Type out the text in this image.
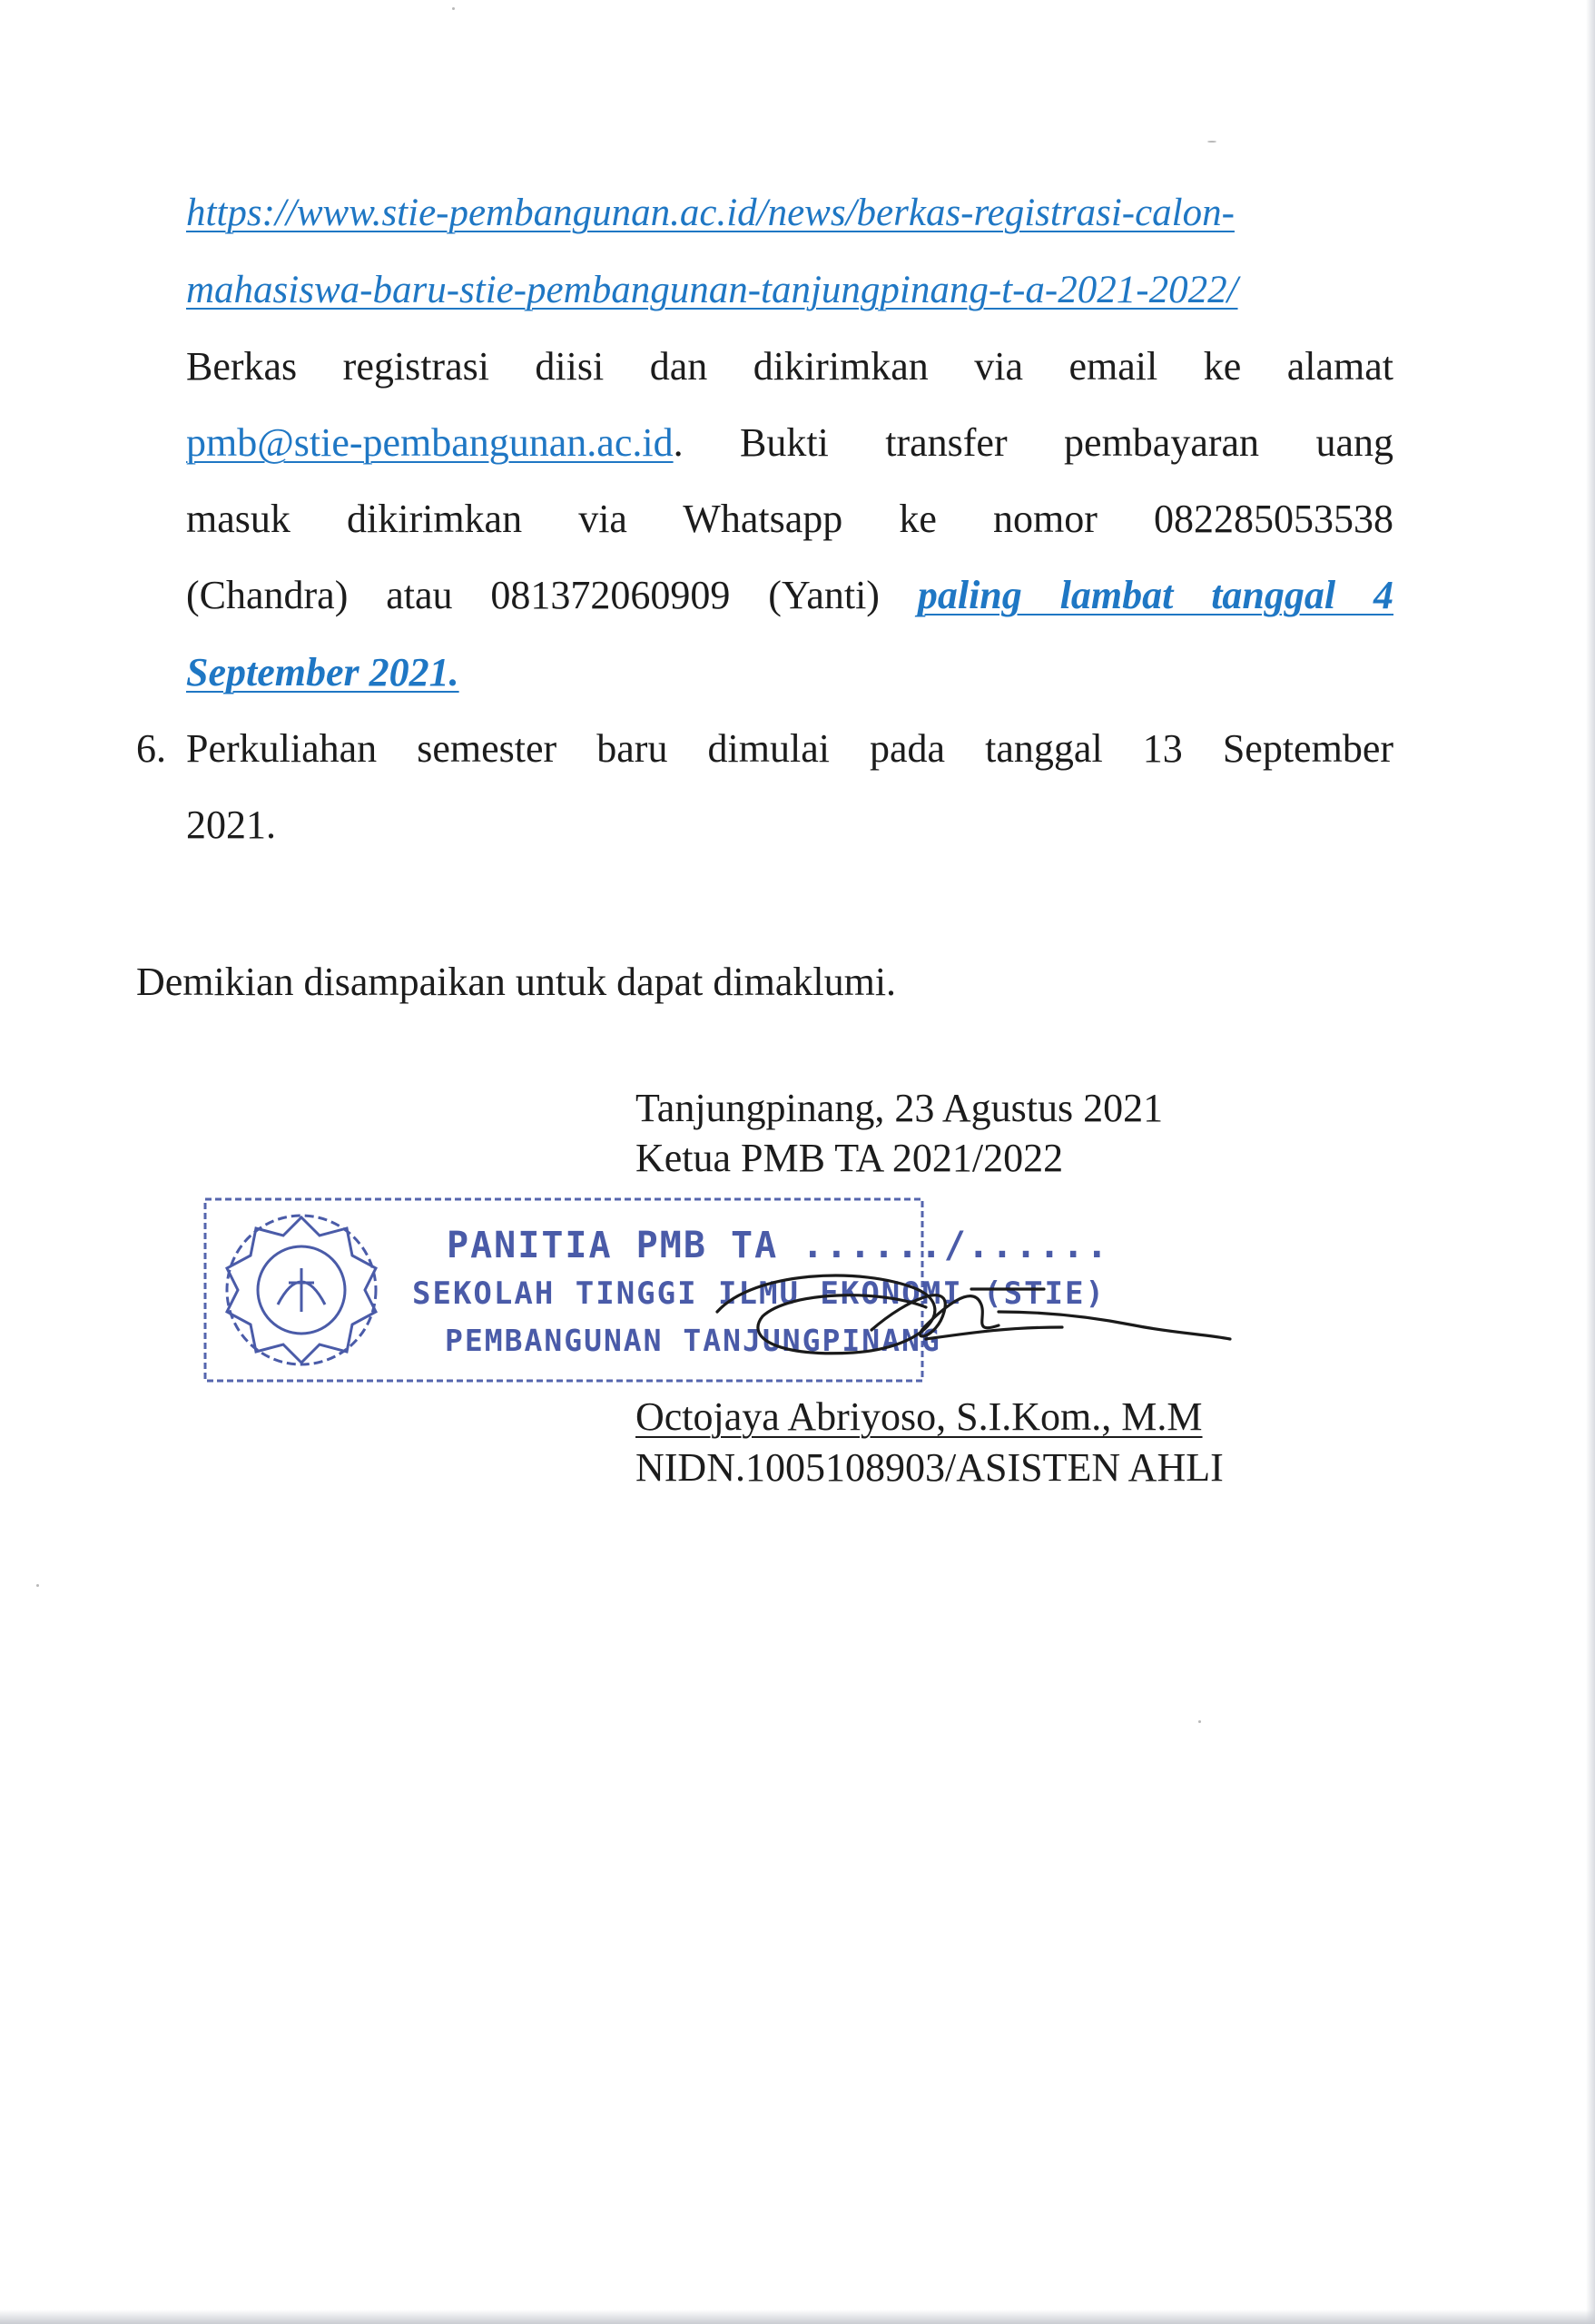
https://www.stie-pembangunan.ac.id/news/berkas-registrasi-calon-
mahasiswa-baru-stie-pembangunan-tanjungpinang-t-a-2021-2022/
Berkas registrasi diisi dan dikirimkan via email ke alamat
pmb@stie-pembangunan.ac.id. Bukti transfer pembayaran uang
masuk dikirimkan via Whatsapp ke nomor 082285053538
(Chandra) atau 081372060909 (Yanti) paling lambat tanggal 4
September 2021.
6. Perkuliahan semester baru dimulai pada tanggal 13 September
2021.
Demikian disampaikan untuk dapat dimaklumi.
Tanjungpinang, 23 Agustus 2021
Ketua PMB TA 2021/2022
PANITIA PMB TA ....../......
SEKOLAH TINGGI ILMU EKONOMI (STIE)
PEMBANGUNAN TANJUNGPINANG
Octojaya Abriyoso, S.I.Kom., M.M
NIDN.1005108903/ASISTEN AHLI
